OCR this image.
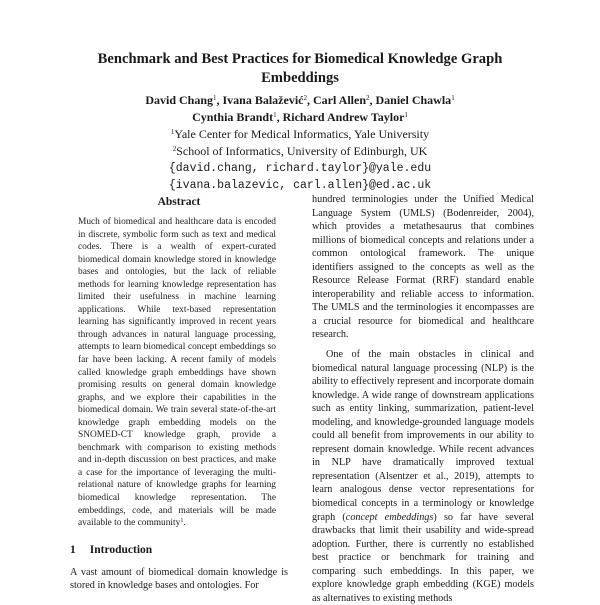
Benchmark and Best Practices for Biomedical Knowledge Graph Embeddings
David Chang$^1$, Ivana Balažević$^2$, Carl Allen$^2$, Daniel Chawla$^1$
Cynthia Brandt$^1$, Richard Andrew Taylor$^1$
$^1$Yale Center for Medical Informatics, Yale University
$^2$School of Informatics, University of Edinburgh, UK
{david.chang, richard.taylor}@yale.edu
{ivana.balazevic, carl.allen}@ed.ac.uk
Abstract
Much of biomedical and healthcare data is encoded in discrete, symbolic form such as text and medical codes. There is a wealth of expert-curated biomedical domain knowledge stored in knowledge bases and ontologies, but the lack of reliable methods for learning knowledge representation has limited their usefulness in machine learning applications. While text-based representation learning has significantly improved in recent years through advances in natural language processing, attempts to learn biomedical concept embeddings so far have been lacking. A recent family of models called knowledge graph embeddings have shown promising results on general domain knowledge graphs, and we explore their capabilities in the biomedical domain. We train several state-of-the-art knowledge graph embedding models on the SNOMED-CT knowledge graph, provide a benchmark with comparison to existing methods and in-depth discussion on best practices, and make a case for the importance of leveraging the multi-relational nature of knowledge graphs for learning biomedical knowledge representation. The embeddings, code, and materials will be made available to the community$^1$.
1 Introduction
A vast amount of biomedical domain knowledge is stored in knowledge bases and ontologies. For

hundred terminologies under the Unified Medical Language System (UMLS) (Bodenreider, 2004), which provides a metathesaurus that combines millions of biomedical concepts and relations under a common ontological framework. The unique identifiers assigned to the concepts as well as the Resource Release Format (RRF) standard enable interoperability and reliable access to information. The UMLS and the terminologies it encompasses are a crucial resource for biomedical and healthcare research.

One of the main obstacles in clinical and biomedical natural language processing (NLP) is the ability to effectively represent and incorporate domain knowledge. A wide range of downstream applications such as entity linking, summarization, patient-level modeling, and knowledge-grounded language models could all benefit from improvements in our ability to represent domain knowledge. While recent advances in NLP have dramatically improved textual representation (Alsentzer et al., 2019), attempts to learn analogous dense vector representations for biomedical concepts in a terminology or knowledge graph (concept embeddings) so far have several drawbacks that limit their usability and wide-spread adoption. Further, there is currently no established best practice or benchmark for training and comparing such embeddings. In this paper, we explore knowledge graph embedding (KGE) models as alternatives to existing methods
